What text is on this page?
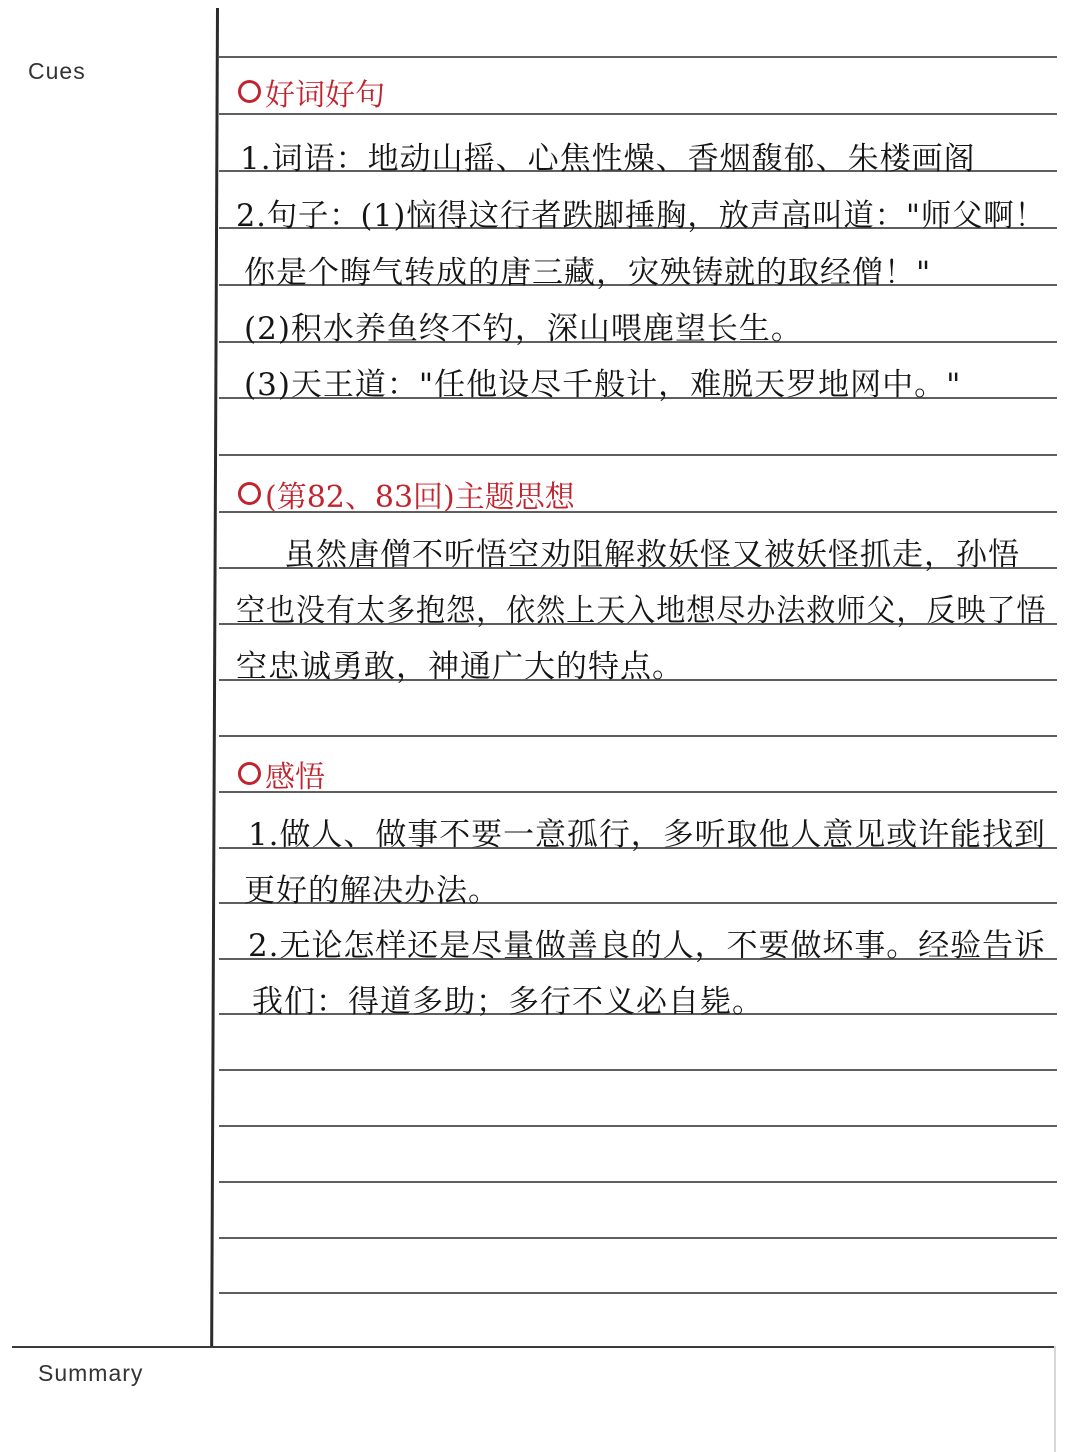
Cues
Summary
好词好句
1.词语：地动山摇、心焦性燥、香烟馥郁、朱楼画阁
2.句子：(1)恼得这行者跌脚捶胸，放声高叫道："师父啊！
你是个晦气转成的唐三藏，灾殃铸就的取经僧！"
(2)积水养鱼终不钓，深山喂鹿望长生。
(3)天王道："任他设尽千般计，难脱天罗地网中。"
(第82、83回)主题思想
虽然唐僧不听悟空劝阻解救妖怪又被妖怪抓走，孙悟
空也没有太多抱怨，依然上天入地想尽办法救师父，反映了悟
空忠诚勇敢，神通广大的特点。
感悟
1.做人、做事不要一意孤行，多听取他人意见或许能找到
更好的解决办法。
2.无论怎样还是尽量做善良的人，不要做坏事。经验告诉
我们：得道多助；多行不义必自毙。
